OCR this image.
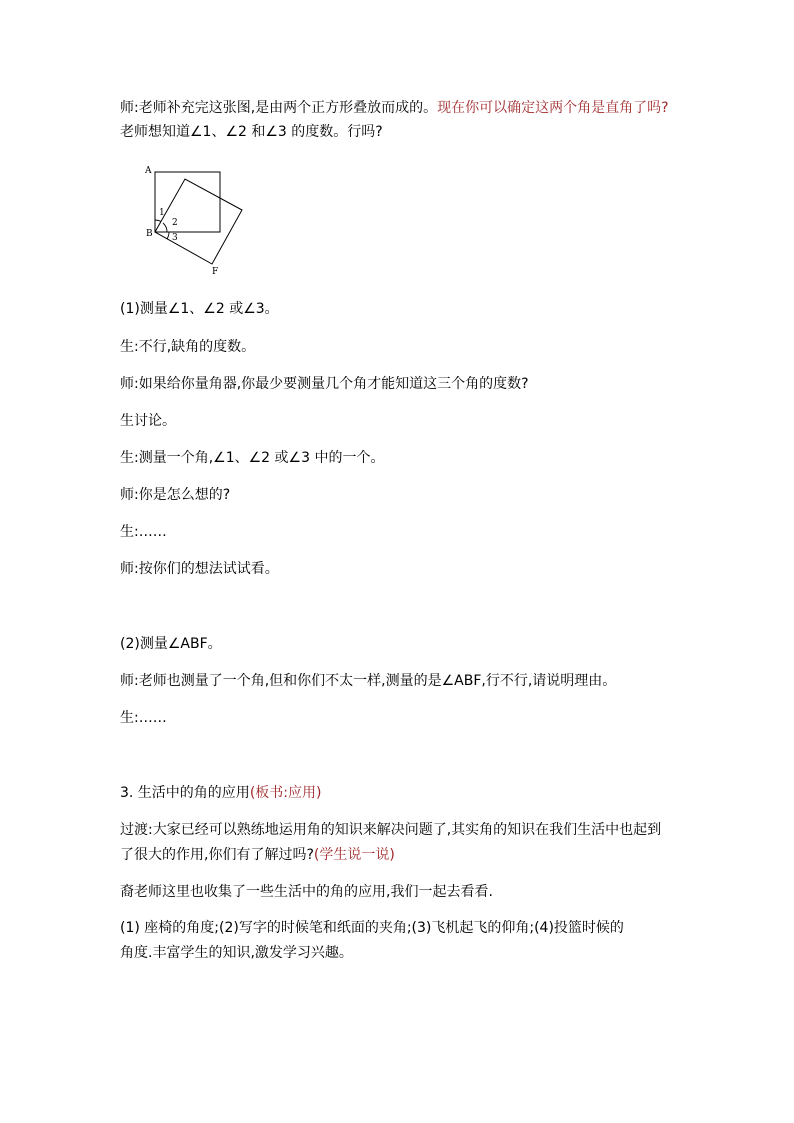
师:老师补充完这张图,是由两个正方形叠放而成的。现在你可以确定这两个角是直角了吗?
老师想知道∠1、∠2 和∠3 的度数。行吗?
A
B
F
1
2
3
(1)测量∠1、∠2 或∠3。
生:不行,缺角的度数。
师:如果给你量角器,你最少要测量几个角才能知道这三个角的度数?
生讨论。
生:测量一个角,∠1、∠2 或∠3 中的一个。
师:你是怎么想的?
生:……
师:按你们的想法试试看。
(2)测量∠ABF。
师:老师也测量了一个角,但和你们不太一样,测量的是∠ABF,行不行,请说明理由。
生:……
3. 生活中的角的应用(板书:应用)
过渡:大家已经可以熟练地运用角的知识来解决问题了,其实角的知识在我们生活中也起到
了很大的作用,你们有了解过吗?(学生说一说)
裔老师这里也收集了一些生活中的角的应用,我们一起去看看.
(1) 座椅的角度;(2)写字的时候笔和纸面的夹角;(3)飞机起飞的仰角;(4)投篮时候的
角度.丰富学生的知识,激发学习兴趣。
